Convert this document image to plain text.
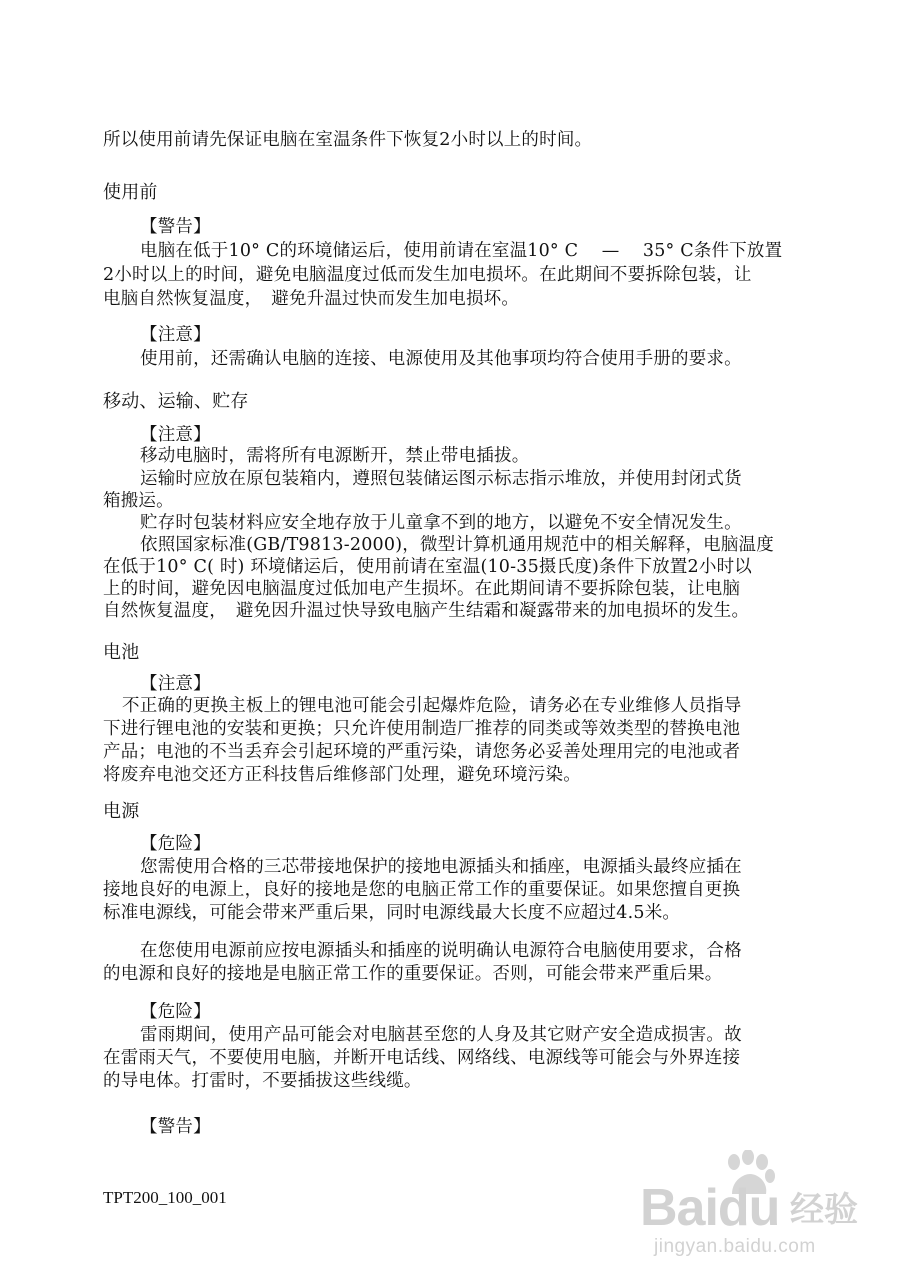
所以使用前请先保证电脑在室温条件下恢复2小时以上的时间。
使用前
【警告】
电脑在低于10° C的环境储运后，使用前请在室温10° C　 —　 35° C条件下放置
2小时以上的时间，避免电脑温度过低而发生加电损坏。在此期间不要拆除包装，让
电脑自然恢复温度，　避免升温过快而发生加电损坏。
【注意】
使用前，还需确认电脑的连接、电源使用及其他事项均符合使用手册的要求。
移动、运输、贮存
【注意】
移动电脑时，需将所有电源断开，禁止带电插拔。
运输时应放在原包装箱内，遵照包装储运图示标志指示堆放，并使用封闭式货
箱搬运。
贮存时包装材料应安全地存放于儿童拿不到的地方，以避免不安全情况发生。
依照国家标准(GB/T9813-2000)，微型计算机通用规范中的相关解释，电脑温度
在低于10° C( 时) 环境储运后，使用前请在室温(10-35摄氏度)条件下放置2小时以
上的时间，避免因电脑温度过低加电产生损坏。在此期间请不要拆除包装，让电脑
自然恢复温度，　避免因升温过快导致电脑产生结霜和凝露带来的加电损坏的发生。
电池
【注意】
不正确的更换主板上的锂电池可能会引起爆炸危险，请务必在专业维修人员指导
下进行锂电池的安装和更换；只允许使用制造厂推荐的同类或等效类型的替换电池
产品；电池的不当丢弃会引起环境的严重污染，请您务必妥善处理用完的电池或者
将废弃电池交还方正科技售后维修部门处理，避免环境污染。
电源
【危险】
您需使用合格的三芯带接地保护的接地电源插头和插座，电源插头最终应插在
接地良好的电源上，良好的接地是您的电脑正常工作的重要保证。如果您擅自更换
标准电源线，可能会带来严重后果，同时电源线最大长度不应超过4.5米。
在您使用电源前应按电源插头和插座的说明确认电源符合电脑使用要求，合格
的电源和良好的接地是电脑正常工作的重要保证。否则，可能会带来严重后果。
【危险】
雷雨期间，使用产品可能会对电脑甚至您的人身及其它财产安全造成损害。故
在雷雨天气，不要使用电脑，并断开电话线、网络线、电源线等可能会与外界连接
的导电体。打雷时，不要插拔这些线缆。
【警告】
TPT200_100_001	Baidu 经验
jingyan.baidu.com
